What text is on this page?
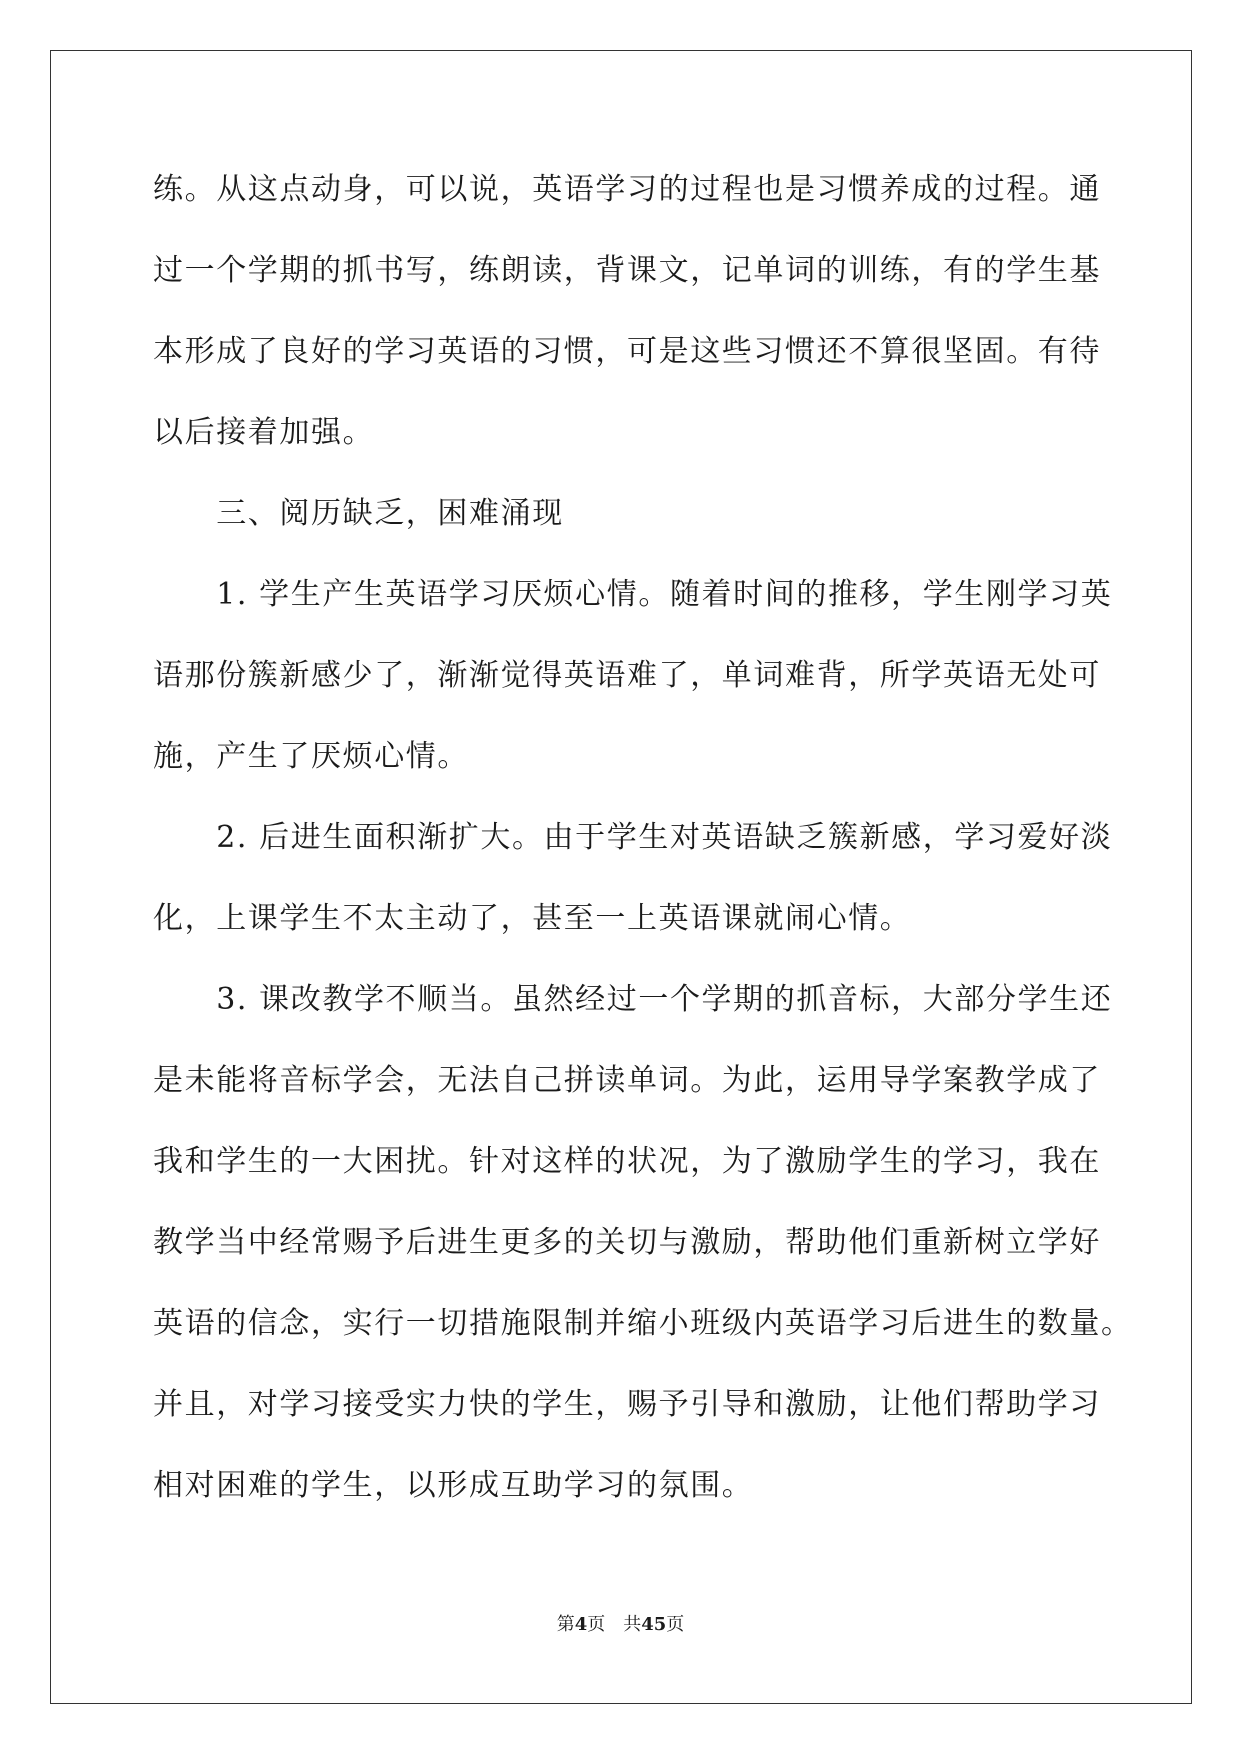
练。从这点动身，可以说，英语学习的过程也是习惯养成的过程。通
过一个学期的抓书写，练朗读，背课文，记单词的训练，有的学生基
本形成了良好的学习英语的习惯，可是这些习惯还不算很坚固。有待
以后接着加强。
　　三、阅历缺乏，困难涌现
　　1. 学生产生英语学习厌烦心情。随着时间的推移，学生刚学习英
语那份簇新感少了，渐渐觉得英语难了，单词难背，所学英语无处可
施，产生了厌烦心情。
　　2. 后进生面积渐扩大。由于学生对英语缺乏簇新感，学习爱好淡
化，上课学生不太主动了，甚至一上英语课就闹心情。
　　3. 课改教学不顺当。虽然经过一个学期的抓音标，大部分学生还
是未能将音标学会，无法自己拼读单词。为此，运用导学案教学成了
我和学生的一大困扰。针对这样的状况，为了激励学生的学习，我在
教学当中经常赐予后进生更多的关切与激励，帮助他们重新树立学好
英语的信念，实行一切措施限制并缩小班级内英语学习后进生的数量。
并且，对学习接受实力快的学生，赐予引导和激励，让他们帮助学习
相对困难的学生，以形成互助学习的氛围。
第4页 共45页
